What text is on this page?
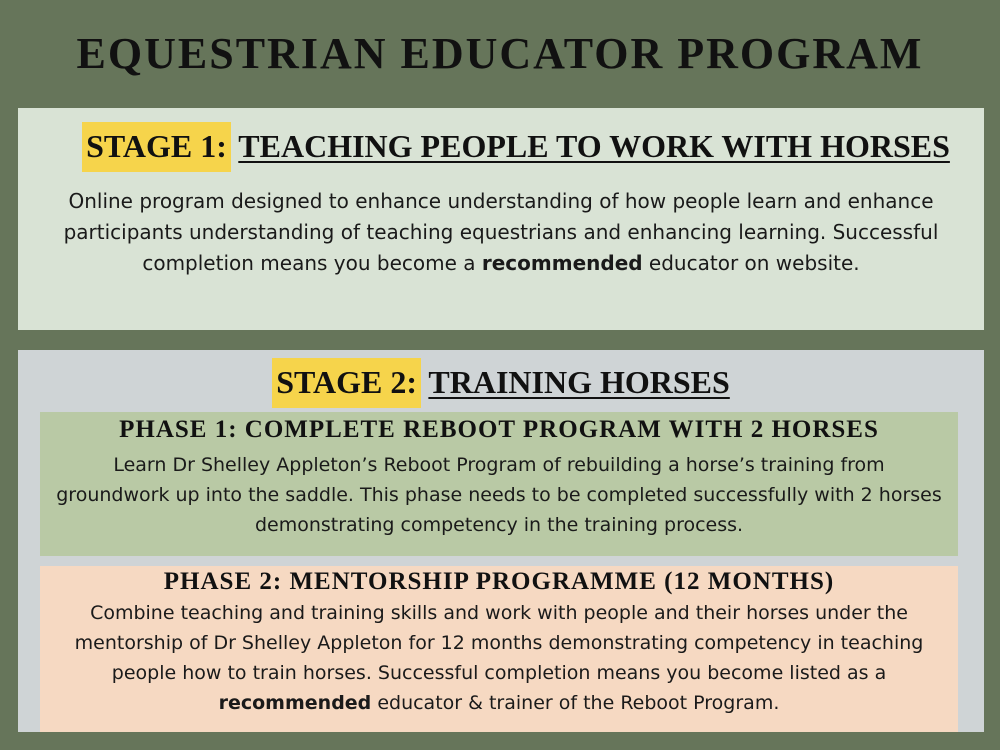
EQUESTRIAN EDUCATOR PROGRAM
STAGE 1: TEACHING PEOPLE TO WORK WITH HORSES

Online program designed to enhance understanding of how people learn and enhance participants understanding of teaching equestrians and enhancing learning. Successful completion means you become a recommended educator on website.

STAGE 2: TRAINING HORSES
PHASE 1: COMPLETE REBOOT PROGRAM WITH 2 HORSES

Learn Dr Shelley Appleton’s Reboot Program of rebuilding a horse’s training from groundwork up into the saddle. This phase needs to be completed successfully with 2 horses demonstrating competency in the training process.

PHASE 2: MENTORSHIP PROGRAMME (12 MONTHS)

Combine teaching and training skills and work with people and their horses under the mentorship of Dr Shelley Appleton for 12 months demonstrating competency in teaching people how to train horses. Successful completion means you become listed as a recommended educator & trainer of the Reboot Program.
